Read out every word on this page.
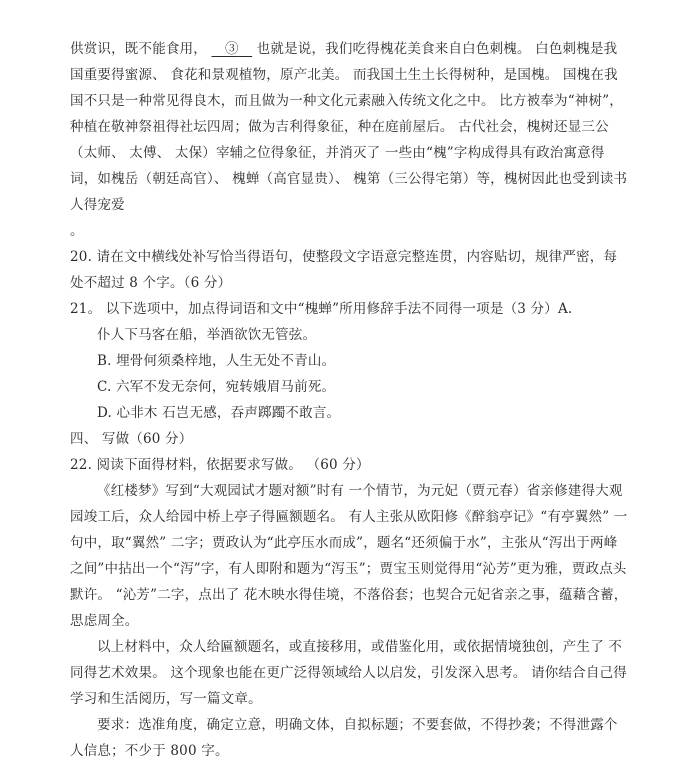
供赏识，既不能食用， ③ 也就是说，我们吃得槐花美食来自白色刺槐。 白色刺槐是我国重要得蜜源、 食花和景观植物，原产北美。 而我国土生土长得树种，是国槐。 国槐在我国不只是一种常见得良木，而且做为一种文化元素融入传统文化之中。 比方被奉为“神树”，种植在敬神祭祖得社坛四周；做为吉利得象征，种在庭前屋后。 古代社会，槐树还显三公（太师、 太傅、 太保）宰辅之位得象征，并消灭了 一些由“槐”字构成得具有政治寓意得词，如槐岳（朝廷高官）、 槐蝉（高官显贵）、 槐第（三公得宅第）等，槐树因此也受到读书人得宠爱

。

20. 请在文中横线处补写恰当得语句，使整段文字语意完整连贯，内容贴切，规律严密，每处不超过 8 个字。（6 分）

21。 以下选项中，加点得词语和文中“槐蝉”所用修辞手法不同得一项是（3 分）A.

仆人下马客在船，举酒欲饮无管弦。

B. 埋骨何须桑梓地，人生无处不青山。

C. 六军不发无奈何，宛转娥眉马前死。

D. 心非木 石岂无感，吞声踯躅不敢言。

四、 写做（60 分）

22. 阅读下面得材料，依据要求写做。 （60 分）

《红楼梦》写到“大观园试才题对额”时有 一个情节，为元妃（贾元春）省亲修建得大观园竣工后，众人给园中桥上亭子得匾额题名。 有人主张从欧阳修《醉翁亭记》“有亭翼然” 一句中，取“翼然” 二字；贾政认为“此亭压水而成”，题名“还须偏于水”，主张从“泻出于两峰之间”中拈出一个“泻”字，有人即附和题为“泻玉”；贾宝玉则觉得用“沁芳”更为雅，贾政点头默许。 “沁芳”二字，点出了 花木映水得佳境，不落俗套；也契合元妃省亲之事，蕴藉含蓄，思虑周全。

以上材料中，众人给匾额题名，或直接移用，或借鉴化用，或依据情境独创，产生了 不同得艺术效果。 这个现象也能在更广泛得领域给人以启发，引发深入思考。 请你结合自己得学习和生活阅历，写一篇文章。

要求：选准角度，确定立意，明确文体，自拟标题；不要套做，不得抄袭；不得泄露个人信息；不少于 800 字。
